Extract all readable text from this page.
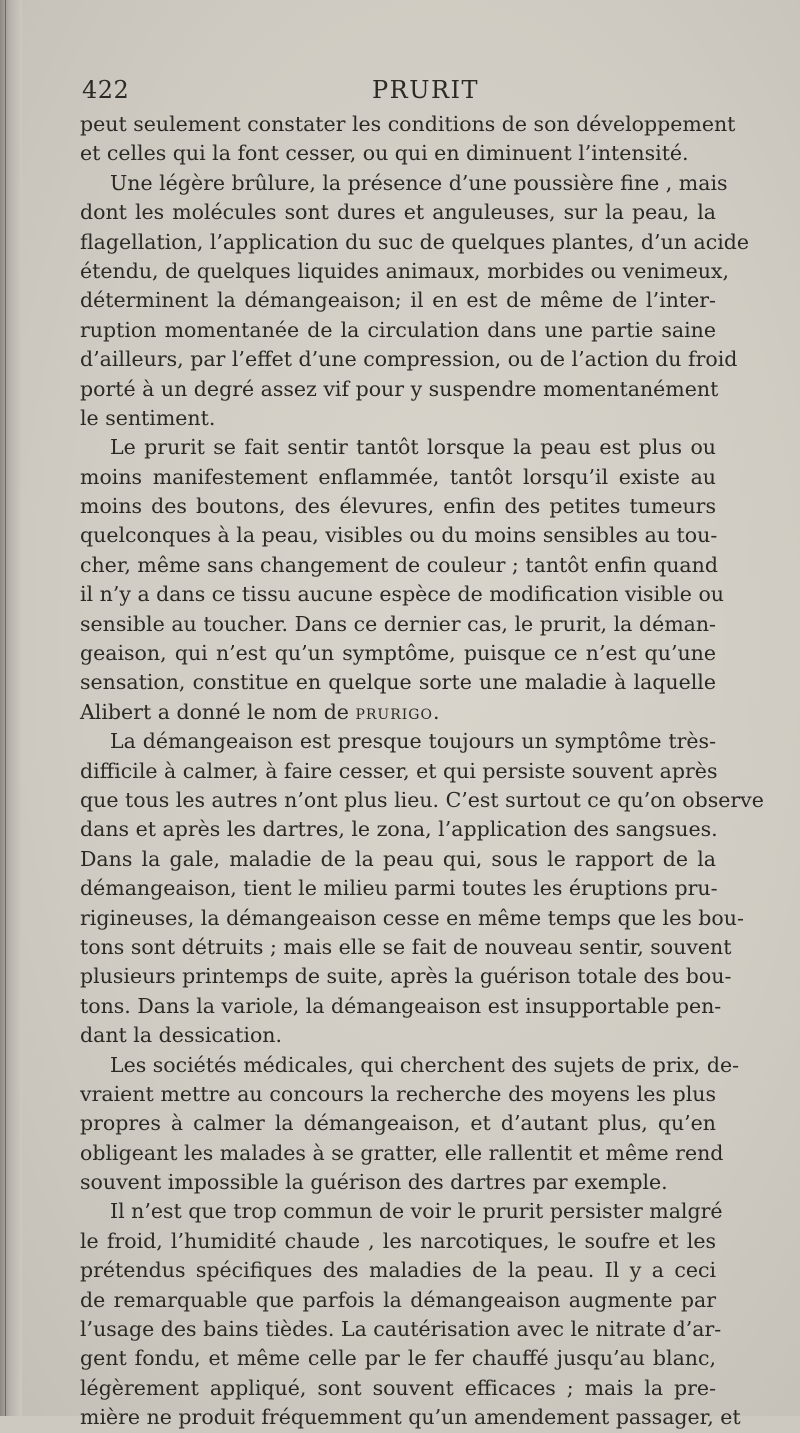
422	PRURIT
peut seulement constater les conditions de son développement
et celles qui la font cesser, ou qui en diminuent l’intensité.
Une légère brûlure, la présence d’une poussière fine , mais
dont les molécules sont dures et anguleuses, sur la peau, la
flagellation, l’application du suc de quelques plantes, d’un acide
étendu, de quelques liquides animaux, morbides ou venimeux,
déterminent la démangeaison; il en est de même de l’inter-
ruption momentanée de la circulation dans une partie saine
d’ailleurs, par l’effet d’une compression, ou de l’action du froid
porté à un degré assez vif pour y suspendre momentanément
le sentiment.
Le prurit se fait sentir tantôt lorsque la peau est plus ou
moins manifestement enflammée, tantôt lorsqu’il existe au
moins des boutons, des élevures, enfin des petites tumeurs
quelconques à la peau, visibles ou du moins sensibles au tou-
cher, même sans changement de couleur ; tantôt enfin quand
il n’y a dans ce tissu aucune espèce de modification visible ou
sensible au toucher. Dans ce dernier cas, le prurit, la déman-
geaison, qui n’est qu’un symptôme, puisque ce n’est qu’une
sensation, constitue en quelque sorte une maladie à laquelle
Alibert a donné le nom de prurigo.
La démangeaison est presque toujours un symptôme très-
difficile à calmer, à faire cesser, et qui persiste souvent après
que tous les autres n’ont plus lieu. C’est surtout ce qu’on observe
dans et après les dartres, le zona, l’application des sangsues.
Dans la gale, maladie de la peau qui, sous le rapport de la
démangeaison, tient le milieu parmi toutes les éruptions pru-
rigineuses, la démangeaison cesse en même temps que les bou-
tons sont détruits ; mais elle se fait de nouveau sentir, souvent
plusieurs printemps de suite, après la guérison totale des bou-
tons. Dans la variole, la démangeaison est insupportable pen-
dant la dessication.
Les sociétés médicales, qui cherchent des sujets de prix, de-
vraient mettre au concours la recherche des moyens les plus
propres à calmer la démangeaison, et d’autant plus, qu’en
obligeant les malades à se gratter, elle rallentit et même rend
souvent impossible la guérison des dartres par exemple.
Il n’est que trop commun de voir le prurit persister malgré
le froid, l’humidité chaude , les narcotiques, le soufre et les
prétendus spécifiques des maladies de la peau. Il y a ceci
de remarquable que parfois la démangeaison augmente par
l’usage des bains tièdes. La cautérisation avec le nitrate d’ar-
gent fondu, et même celle par le fer chauffé jusqu’au blanc,
légèrement appliqué, sont souvent efficaces ; mais la pre-
mière ne produit fréquemment qu’un amendement passager, et
